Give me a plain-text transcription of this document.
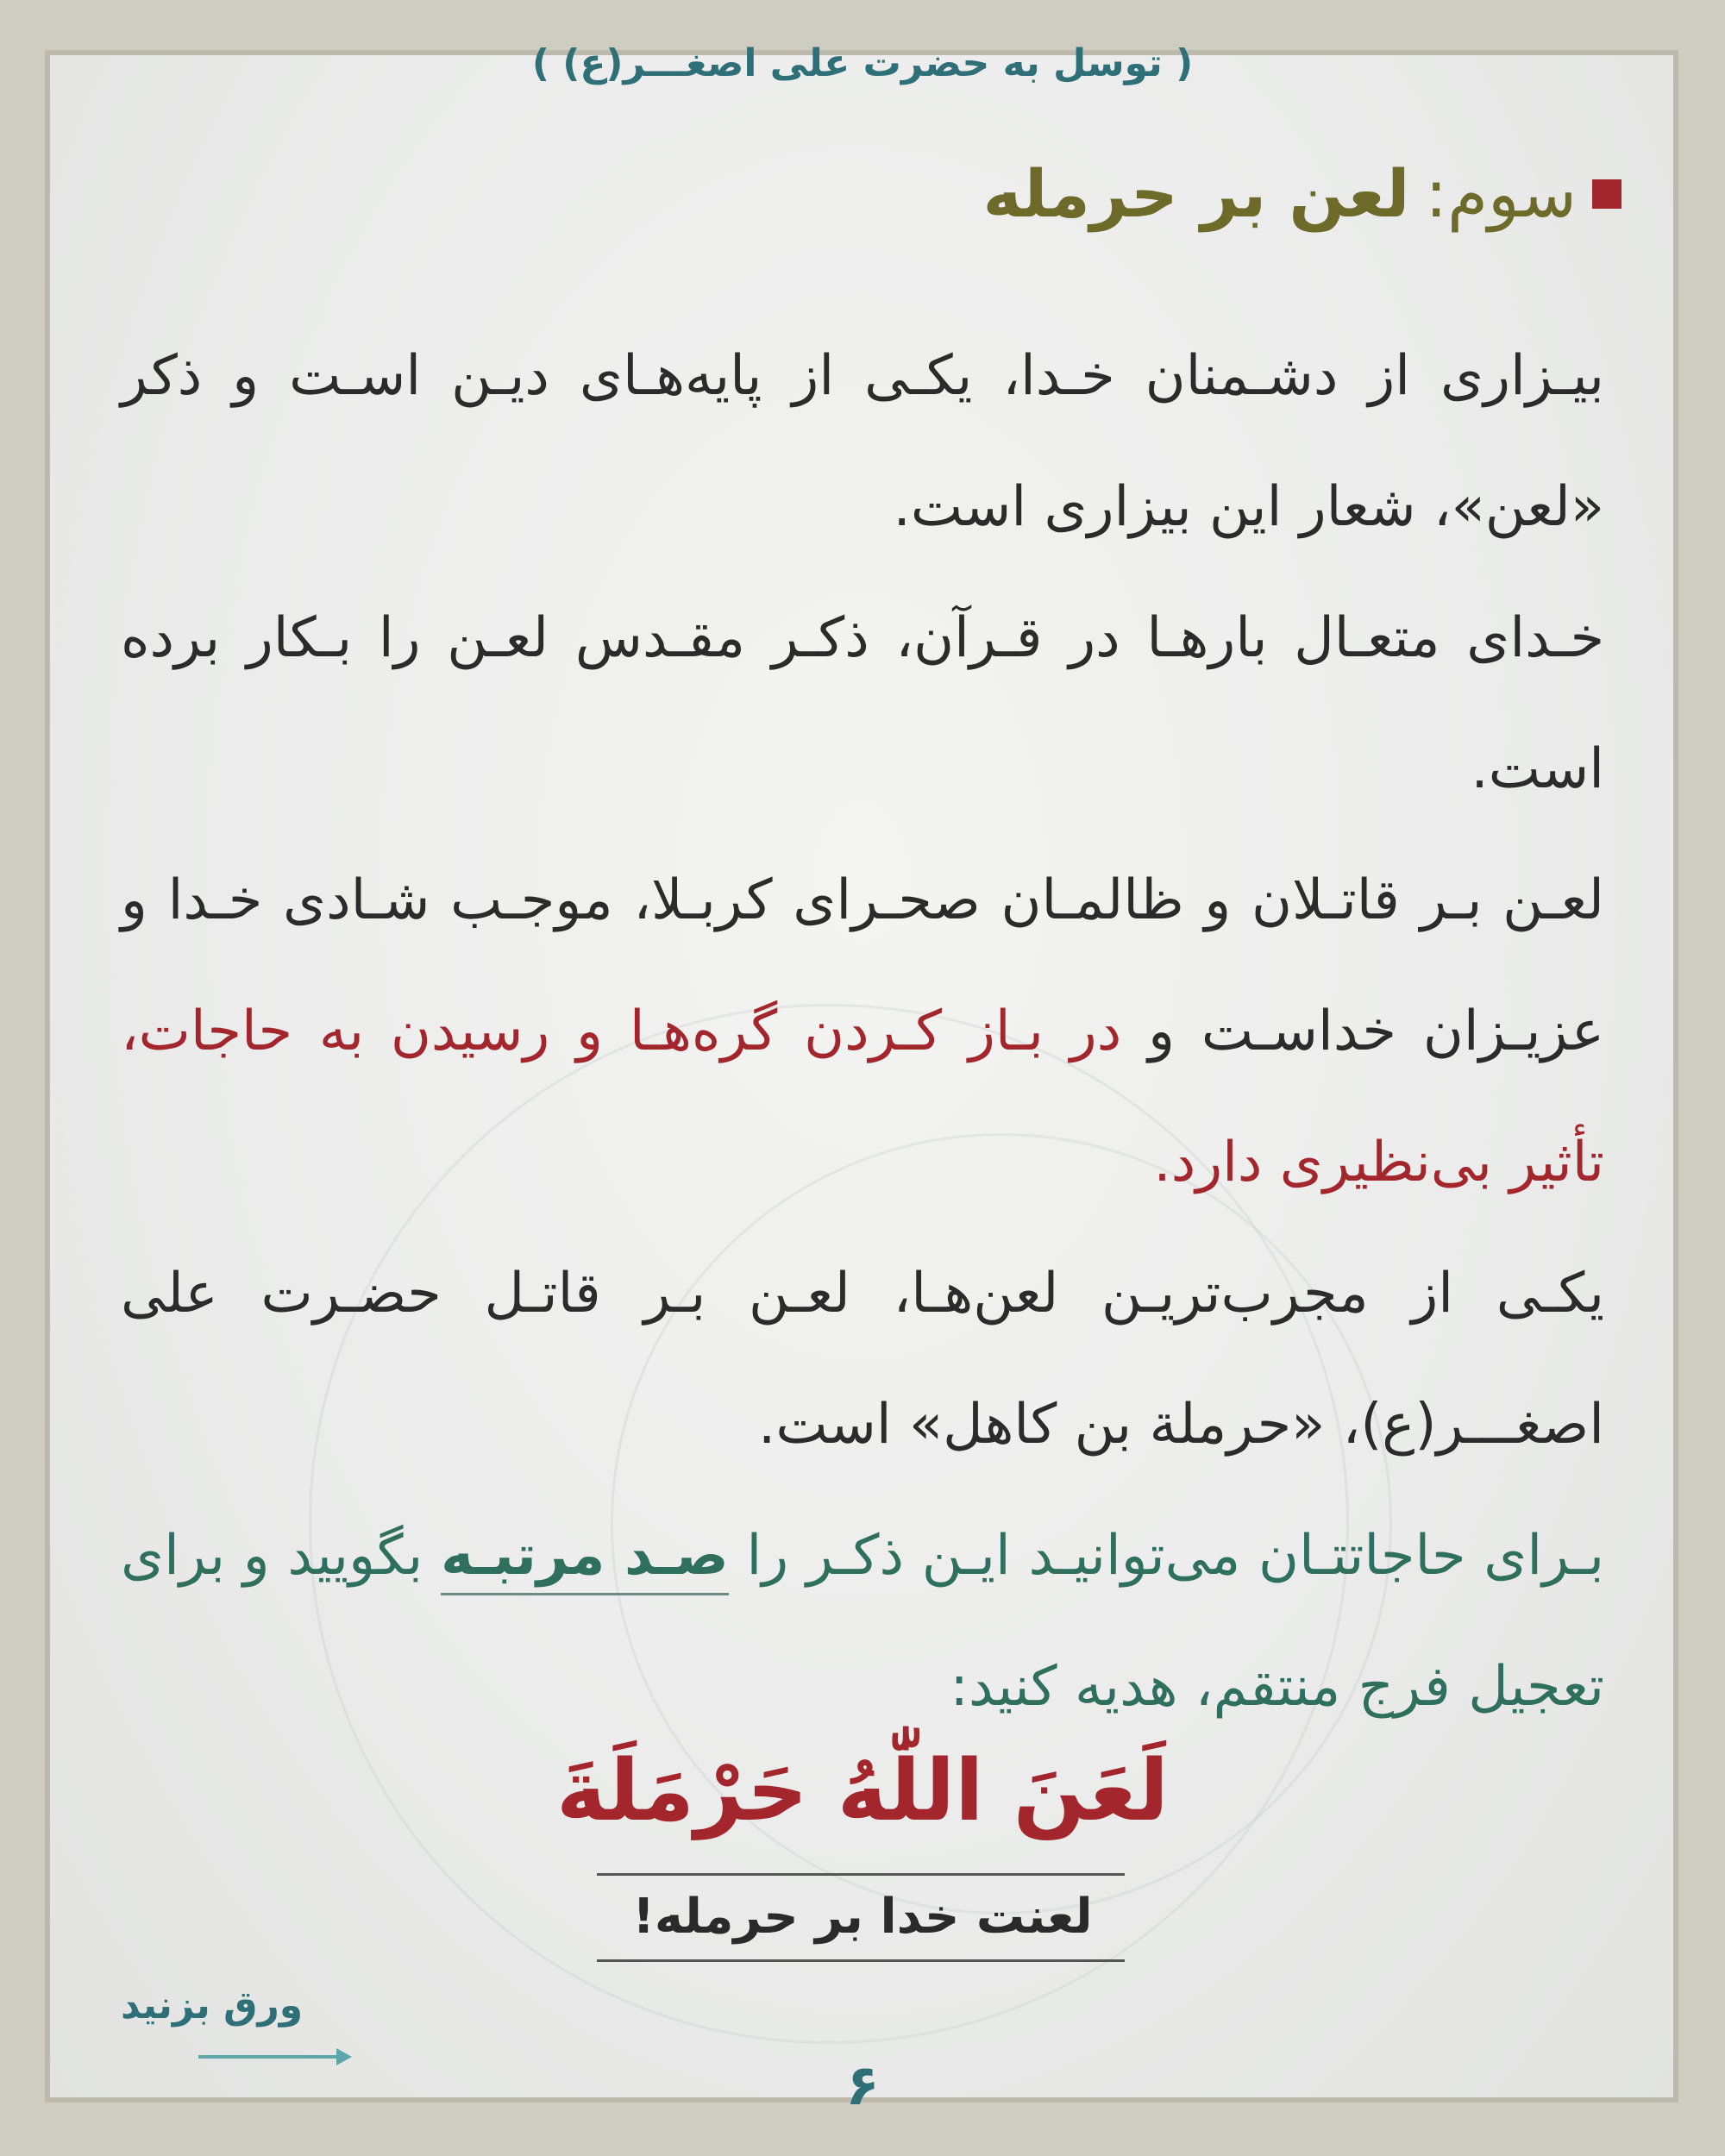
( توسل به حضرت علی اصغـــر(ع) )
سوم:
لعن بر حرمله

بیـزاری از دشـمنان خـدا، یکـی از پایه‌هـای دیـن اسـت و ذکر «لعن»، شعار این بیزاری است.

خـدای متعـال بارهـا در قـرآن، ذکـر مقـدس لعـن را بـکار برده است.

لعـن بـر قاتـلان و ظالمـان صحـرای کربـلا، موجـب شـادی خـدا و عزیـزان خداسـت و در بـاز کـردن گره‌هـا و رسیدن به حاجات، تأثیر بی‌نظیری دارد.

یکـی از مجرب‌تریـن لعن‌هـا، لعـن بـر قاتـل حضـرت علی اصغـــر(ع)، «حرملة بن کاهل» است.

بـرای حاجاتتـان می‌توانیـد ایـن ذکـر را صـد مرتبـه بگویید و برای تعجیل فرج منتقم، هدیه کنید:

لَعَنَ اللّٰهُ حَرْمَلَةَ
لعنت خدا بر حرمله!
ورق بزنید
۶
